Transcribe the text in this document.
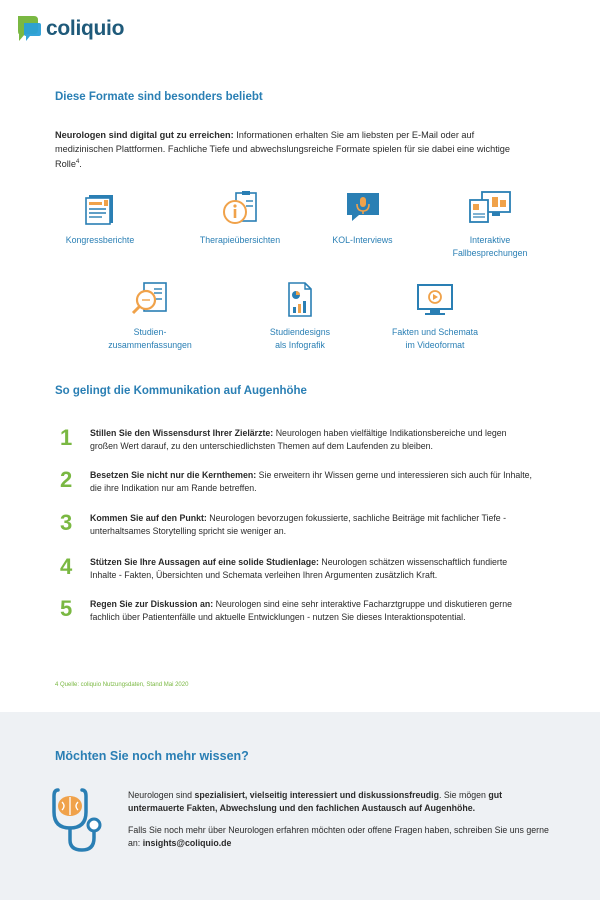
coliquio
Diese Formate sind besonders beliebt
Neurologen sind digital gut zu erreichen: Informationen erhalten Sie am liebsten per E-Mail oder auf medizinischen Plattformen. Fachliche Tiefe und abwechslungsreiche Formate spielen für sie dabei eine wichtige Rolle$^4$.
Kongressberichte	Therapieübersichten	KOL-Interviews	Interaktive
Fallbesprechungen
Studien-
zusammenfassungen
Studiendesigns
als Infografik
Fakten und Schemata
im Videoformat
So gelingt die Kommunikation auf Augenhöhe
1	Stillen Sie den Wissensdurst Ihrer Zielärzte: Neurologen haben vielfältige Indikationsbereiche und legen großen Wert darauf, zu den unterschiedlichsten Themen auf dem Laufenden zu bleiben.
2	Besetzen Sie nicht nur die Kernthemen: Sie erweitern ihr Wissen gerne und interessieren sich auch für Inhalte, die ihre Indikation nur am Rande betreffen.
3	Kommen Sie auf den Punkt: Neurologen bevorzugen fokussierte, sachliche Beiträge mit fachlicher Tiefe - unterhaltsames Storytelling spricht sie weniger an.
4	Stützen Sie Ihre Aussagen auf eine solide Studienlage: Neurologen schätzen wissenschaftlich fundierte Inhalte - Fakten, Übersichten und Schemata verleihen Ihren Argumenten zusätzlich Kraft.
5	Regen Sie zur Diskussion an: Neurologen sind eine sehr interaktive Facharztgruppe und diskutieren gerne fachlich über Patientenfälle und aktuelle Entwicklungen - nutzen Sie dieses Interaktionspotential.
4 Quelle: coliquio Nutzungsdaten, Stand Mai 2020
Möchten Sie noch mehr wissen?

Neurologen sind spezialisiert, vielseitig interessiert und diskussionsfreudig. Sie mögen gut untermauerte Fakten, Abwechslung und den fachlichen Austausch auf Augenhöhe.

Falls Sie noch mehr über Neurologen erfahren möchten oder offene Fragen haben, schreiben Sie uns gerne an: insights@coliquio.de
